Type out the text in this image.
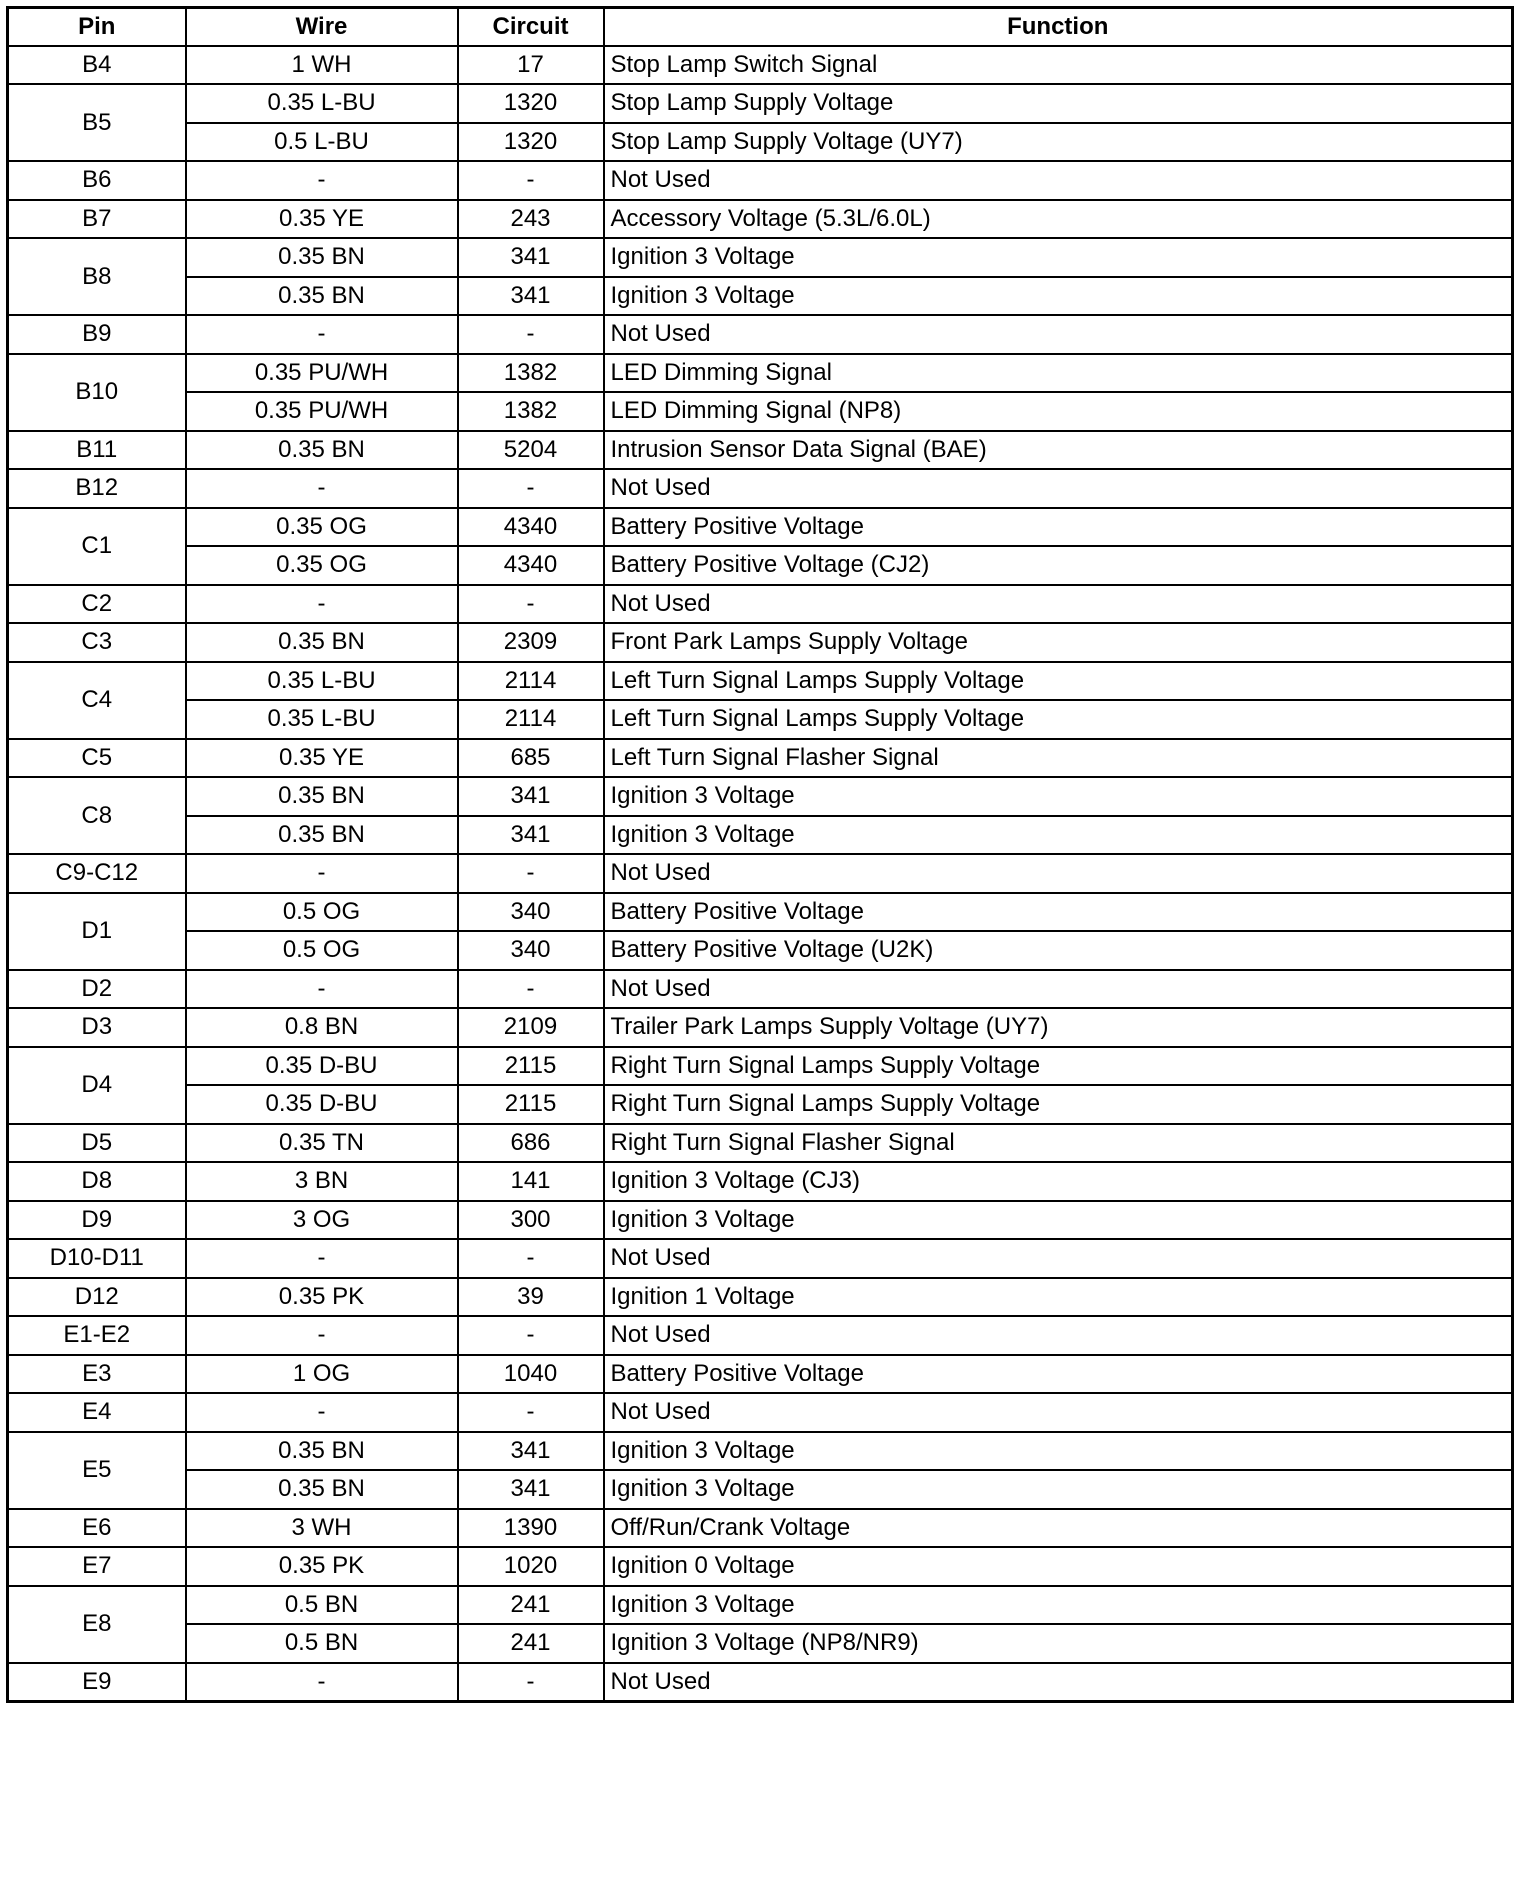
Pin	Wire	Circuit	Function
B4	1 WH	17	Stop Lamp Switch Signal
B5	0.35 L-BU	1320	Stop Lamp Supply Voltage
	0.5 L-BU	1320	Stop Lamp Supply Voltage (UY7)
B6	-	-	Not Used
B7	0.35 YE	243	Accessory Voltage (5.3L/6.0L)
B8	0.35 BN	341	Ignition 3 Voltage
	0.35 BN	341	Ignition 3 Voltage
B9	-	-	Not Used
B10	0.35 PU/WH	1382	LED Dimming Signal
	0.35 PU/WH	1382	LED Dimming Signal (NP8)
B11	0.35 BN	5204	Intrusion Sensor Data Signal (BAE)
B12	-	-	Not Used
C1	0.35 OG	4340	Battery Positive Voltage
	0.35 OG	4340	Battery Positive Voltage (CJ2)
C2	-	-	Not Used
C3	0.35 BN	2309	Front Park Lamps Supply Voltage
C4	0.35 L-BU	2114	Left Turn Signal Lamps Supply Voltage
	0.35 L-BU	2114	Left Turn Signal Lamps Supply Voltage
C5	0.35 YE	685	Left Turn Signal Flasher Signal
C8	0.35 BN	341	Ignition 3 Voltage
	0.35 BN	341	Ignition 3 Voltage
C9-C12	-	-	Not Used
D1	0.5 OG	340	Battery Positive Voltage
	0.5 OG	340	Battery Positive Voltage (U2K)
D2	-	-	Not Used
D3	0.8 BN	2109	Trailer Park Lamps Supply Voltage (UY7)
D4	0.35 D-BU	2115	Right Turn Signal Lamps Supply Voltage
	0.35 D-BU	2115	Right Turn Signal Lamps Supply Voltage
D5	0.35 TN	686	Right Turn Signal Flasher Signal
D8	3 BN	141	Ignition 3 Voltage (CJ3)
D9	3 OG	300	Ignition 3 Voltage
D10-D11	-	-	Not Used
D12	0.35 PK	39	Ignition 1 Voltage
E1-E2	-	-	Not Used
E3	1 OG	1040	Battery Positive Voltage
E4	-	-	Not Used
E5	0.35 BN	341	Ignition 3 Voltage
	0.35 BN	341	Ignition 3 Voltage
E6	3 WH	1390	Off/Run/Crank Voltage
E7	0.35 PK	1020	Ignition 0 Voltage
E8	0.5 BN	241	Ignition 3 Voltage
	0.5 BN	241	Ignition 3 Voltage (NP8/NR9)
E9	-	-	Not Used
